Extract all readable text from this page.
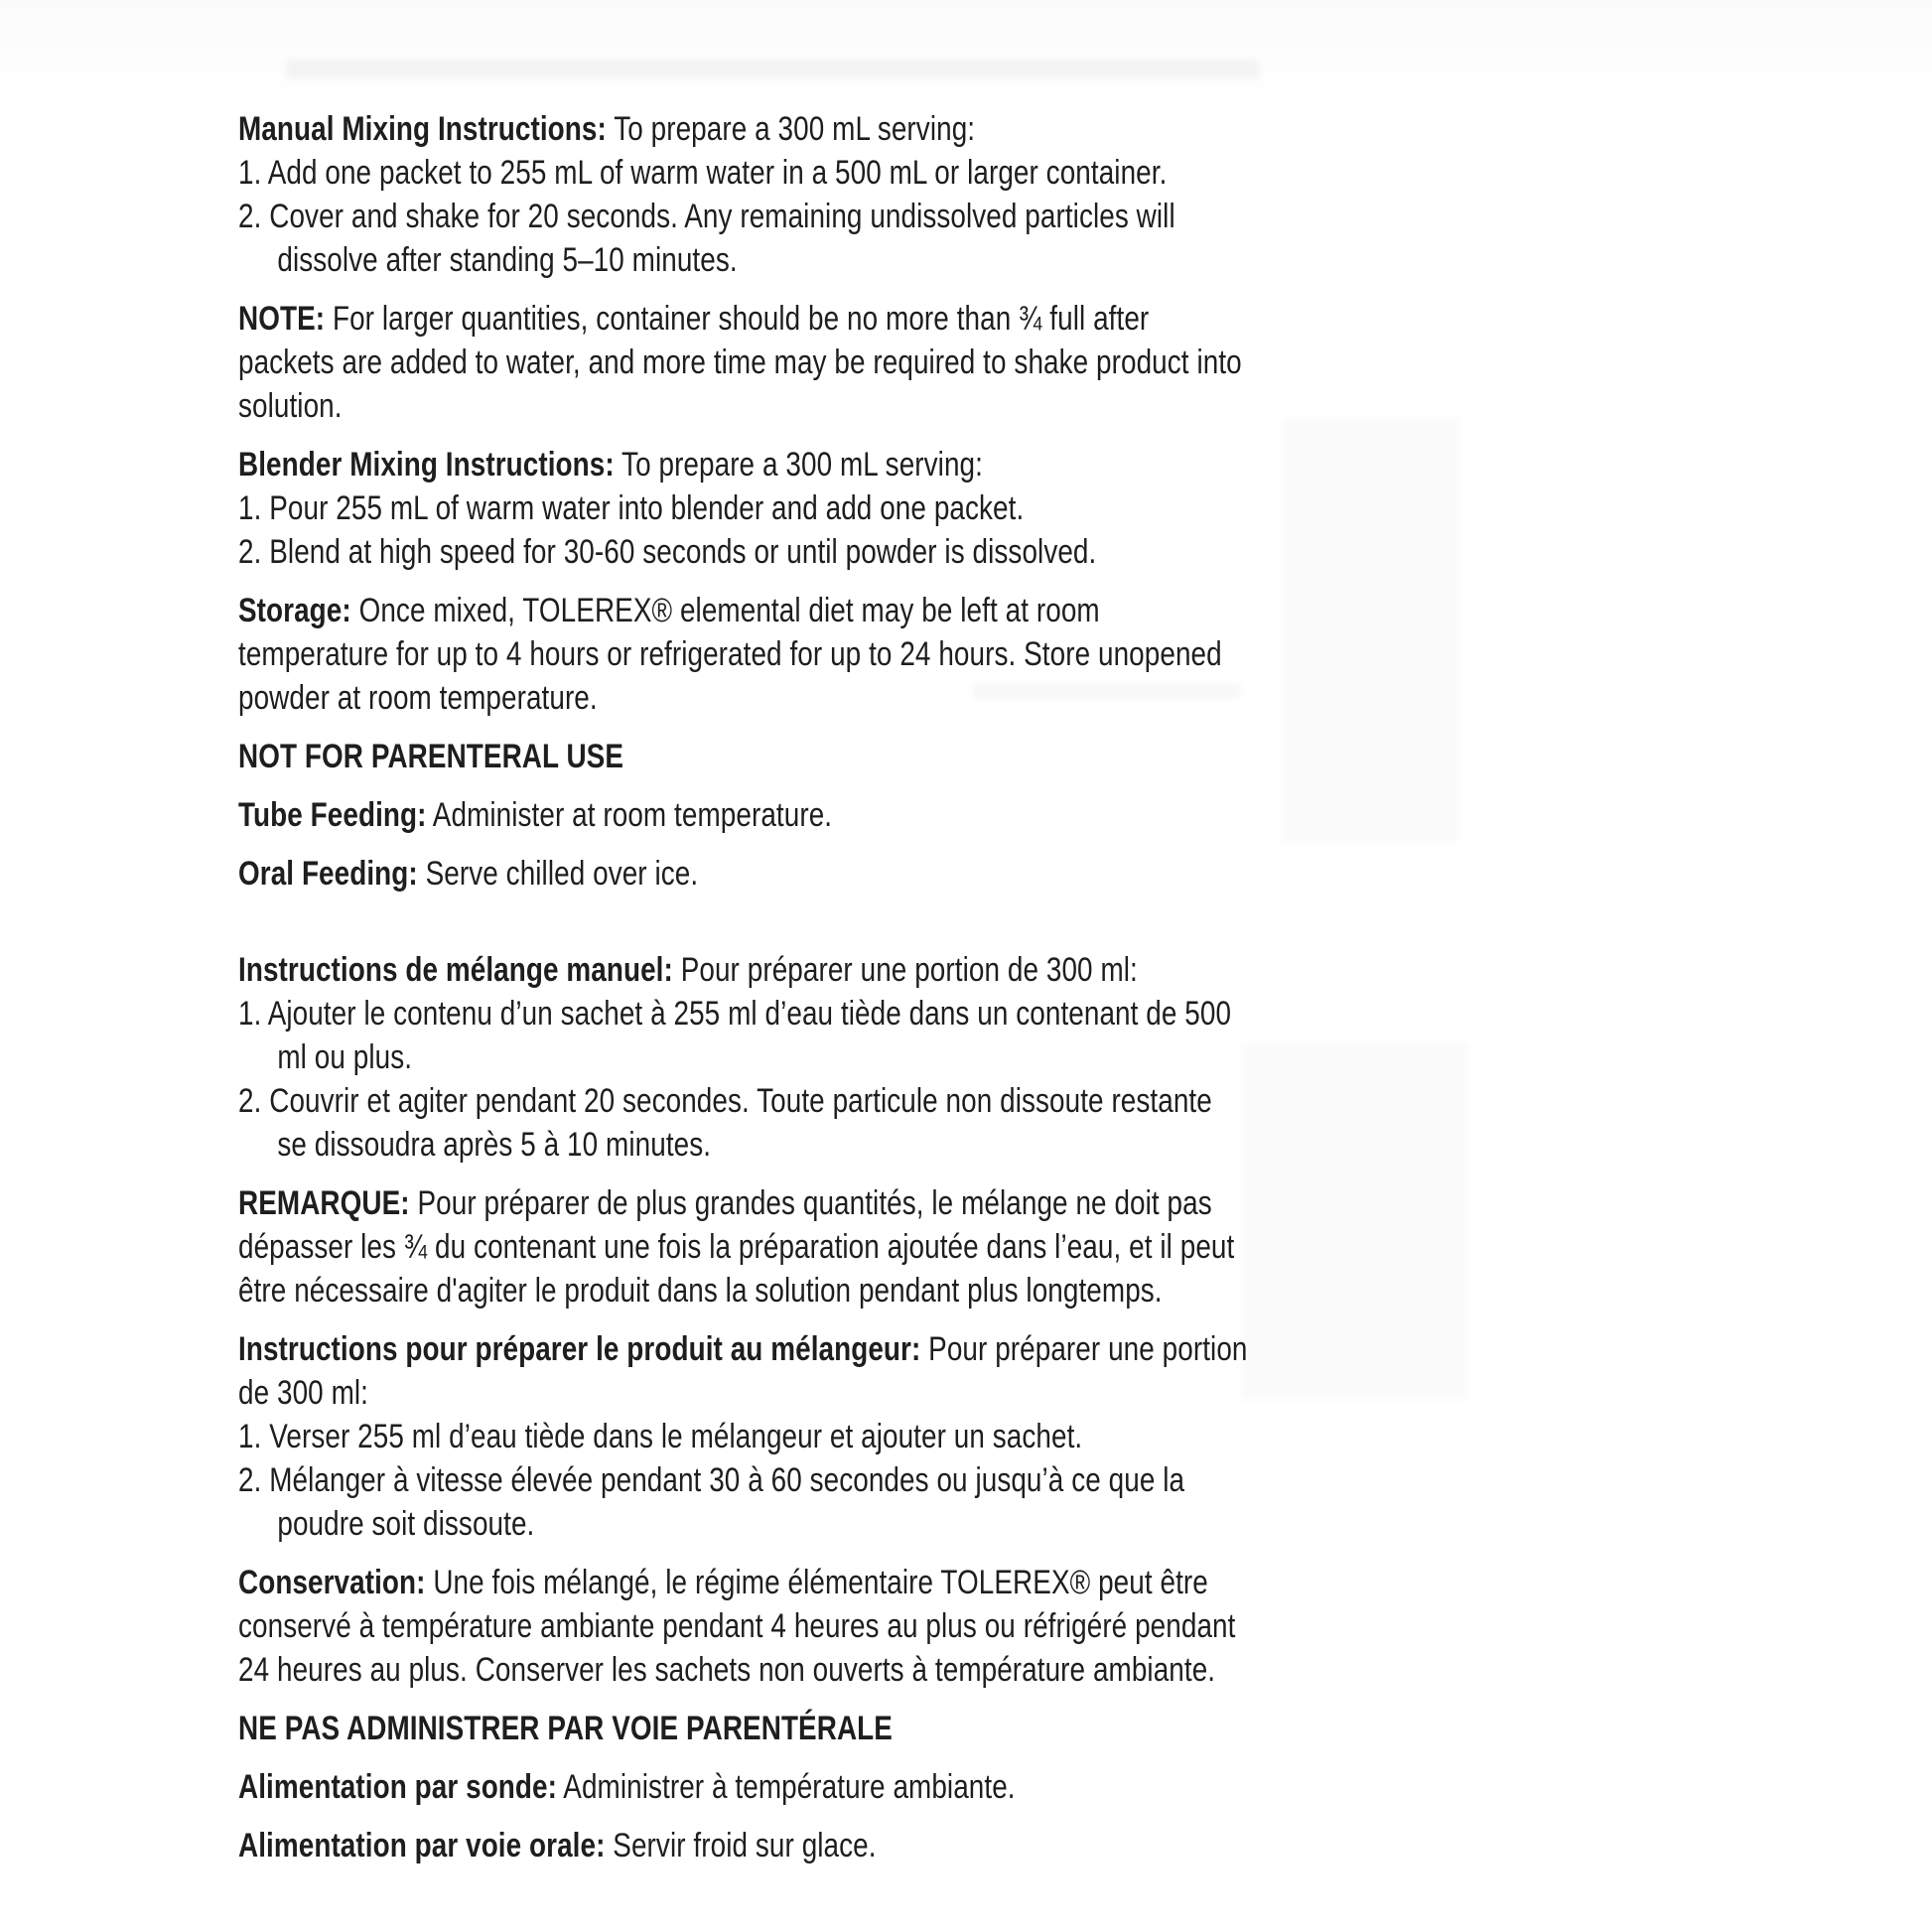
Manual Mixing Instructions: To prepare a 300 mL serving:

1. Add one packet to 255 mL of warm water in a 500 mL or larger container.
2. Cover and shake for 20 seconds. Any remaining undissolved particles will dissolve after standing 5–10 minutes.

NOTE: For larger quantities, container should be no more than ¾ full after packets are added to water, and more time may be required to shake product into solution.

Blender Mixing Instructions: To prepare a 300 mL serving:

1. Pour 255 mL of warm water into blender and add one packet.
2. Blend at high speed for 30-60 seconds or until powder is dissolved.

Storage: Once mixed, TOLEREX® elemental diet may be left at room temperature for up to 4 hours or refrigerated for up to 24 hours. Store unopened powder at room temperature.

NOT FOR PARENTERAL USE

Tube Feeding: Administer at room temperature.

Oral Feeding: Serve chilled over ice.

Instructions de mélange manuel: Pour préparer une portion de 300 ml:

1. Ajouter le contenu d’un sachet à 255 ml d’eau tiède dans un contenant de 500 ml ou plus.
2. Couvrir et agiter pendant 20 secondes. Toute particule non dissoute restante se dissoudra après 5 à 10 minutes.

REMARQUE: Pour préparer de plus grandes quantités, le mélange ne doit pas dépasser les ¾ du contenant une fois la préparation ajoutée dans l’eau, et il peut être nécessaire d'agiter le produit dans la solution pendant plus longtemps.

Instructions pour préparer le produit au mélangeur: Pour préparer une portion de 300 ml:

1. Verser 255 ml d’eau tiède dans le mélangeur et ajouter un sachet.
2. Mélanger à vitesse élevée pendant 30 à 60 secondes ou jusqu’à ce que la poudre soit dissoute.

Conservation: Une fois mélangé, le régime élémentaire TOLEREX® peut être conservé à température ambiante pendant 4 heures au plus ou réfrigéré pendant 24 heures au plus. Conserver les sachets non ouverts à température ambiante.

NE PAS ADMINISTRER PAR VOIE PARENTÉRALE

Alimentation par sonde: Administrer à température ambiante.

Alimentation par voie orale: Servir froid sur glace.
